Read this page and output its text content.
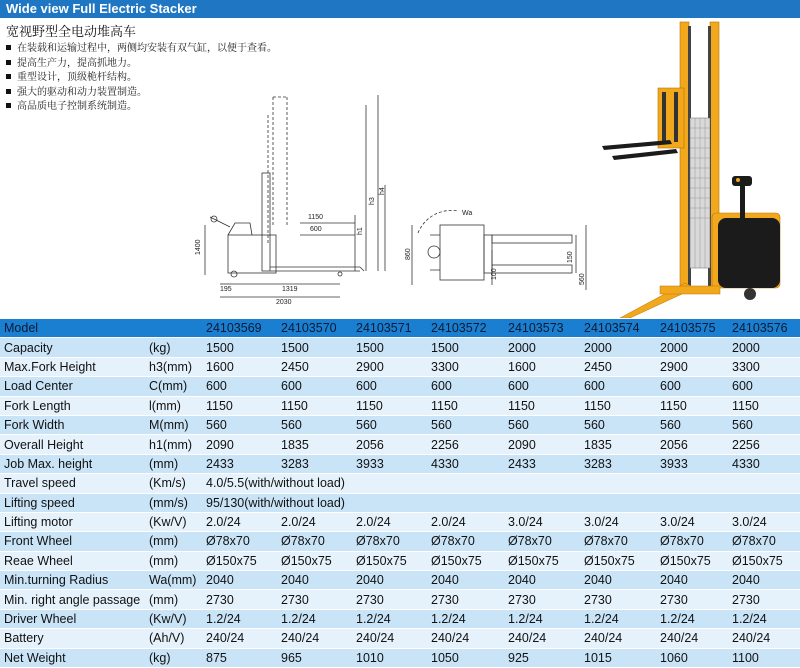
Wide view Full Electric Stacker
宽视野型全电动堆高车
在装载和运输过程中，两侧均安装有双气缸，以便于查看。
提高生产力，提高抓地力。
重型设计，顶级桅杆结构。
强大的驱动和动力装置制造。
高品质电子控制系统制造。
1400
600
1150
195	1319
2030
h1
h3
h4
860
100
150
560
Wa
Model		24103569	24103570	24103571	24103572	24103573	24103574	24103575	24103576
Capacity	(kg)	1500	1500	1500	1500	2000	2000	2000	2000
Max.Fork Height	h3(mm)	1600	2450	2900	3300	1600	2450	2900	3300
Load Center	C(mm)	600	600	600	600	600	600	600	600
Fork Length	l(mm)	1150	1150	1150	1150	1150	1150	1150	1150
Fork Width	M(mm)	560	560	560	560	560	560	560	560
Overall Height	h1(mm)	2090	1835	2056	2256	2090	1835	2056	2256
Job Max. height	(mm)	2433	3283	3933	4330	2433	3283	3933	4330
Travel speed	(Km/s)	4.0/5.5(with/without load)							
Lifting speed	(mm/s)	95/130(with/without load)							
Lifting motor	(Kw/V)	2.0/24	2.0/24	2.0/24	2.0/24	3.0/24	3.0/24	3.0/24	3.0/24
Front Wheel	(mm)	Ø78x70	Ø78x70	Ø78x70	Ø78x70	Ø78x70	Ø78x70	Ø78x70	Ø78x70
Reae Wheel	(mm)	Ø150x75	Ø150x75	Ø150x75	Ø150x75	Ø150x75	Ø150x75	Ø150x75	Ø150x75
Min.turning Radius	Wa(mm)	2040	2040	2040	2040	2040	2040	2040	2040
Min. right angle passage	(mm)	2730	2730	2730	2730	2730	2730	2730	2730
Driver Wheel	(Kw/V)	1.2/24	1.2/24	1.2/24	1.2/24	1.2/24	1.2/24	1.2/24	1.2/24
Battery	(Ah/V)	240/24	240/24	240/24	240/24	240/24	240/24	240/24	240/24
Net Weight	(kg)	875	965	1010	1050	925	1015	1060	1100
